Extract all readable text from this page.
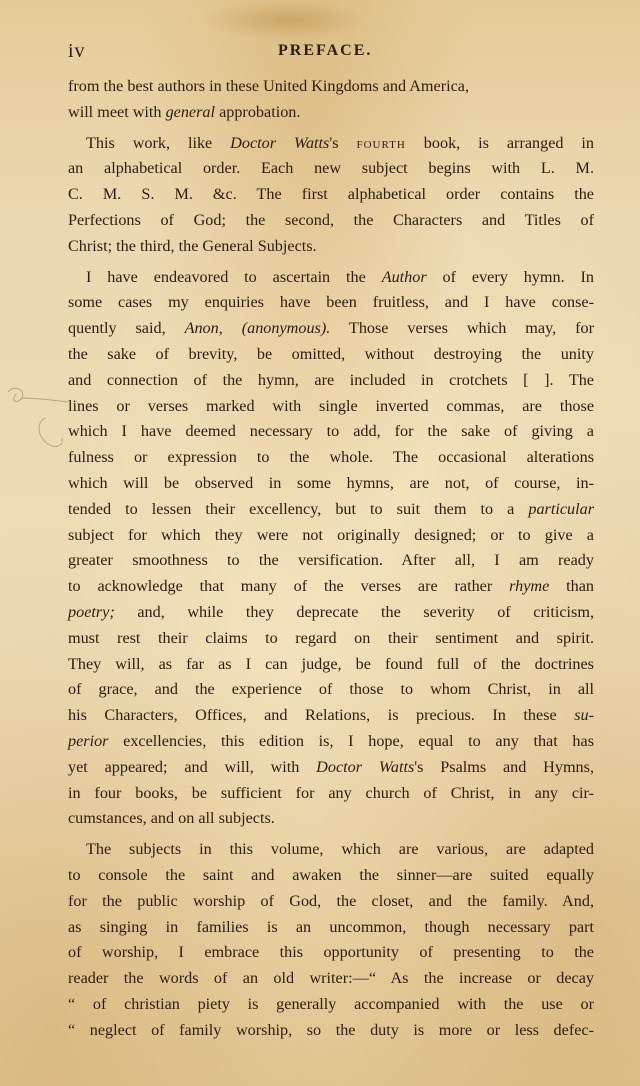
iv	PREFACE.
from the best authors in these United Kingdoms and America,
will meet with general approbation.
This work, like Doctor Watts's fourth book, is arranged in
an alphabetical order. Each new subject begins with L. M.
C. M. S. M. &c. The first alphabetical order contains the
Perfections of God; the second, the Characters and Titles of
Christ; the third, the General Subjects.
I have endeavored to ascertain the Author of every hymn. In
some cases my enquiries have been fruitless, and I have conse-
quently said, Anon, (anonymous). Those verses which may, for
the sake of brevity, be omitted, without destroying the unity
and connection of the hymn, are included in crotchets [ ]. The
lines or verses marked with single inverted commas, are those
which I have deemed necessary to add, for the sake of giving a
fulness or expression to the whole. The occasional alterations
which will be observed in some hymns, are not, of course, in-
tended to lessen their excellency, but to suit them to a particular
subject for which they were not originally designed; or to give a
greater smoothness to the versification. After all, I am ready
to acknowledge that many of the verses are rather rhyme than
poetry; and, while they deprecate the severity of criticism,
must rest their claims to regard on their sentiment and spirit.
They will, as far as I can judge, be found full of the doctrines
of grace, and the experience of those to whom Christ, in all
his Characters, Offices, and Relations, is precious. In these su-
perior excellencies, this edition is, I hope, equal to any that has
yet appeared; and will, with Doctor Watts's Psalms and Hymns,
in four books, be sufficient for any church of Christ, in any cir-
cumstances, and on all subjects.
The subjects in this volume, which are various, are adapted
to console the saint and awaken the sinner—are suited equally
for the public worship of God, the closet, and the family. And,
as singing in families is an uncommon, though necessary part
of worship, I embrace this opportunity of presenting to the
reader the words of an old writer:—“ As the increase or decay
“ of christian piety is generally accompanied with the use or
“ neglect of family worship, so the duty is more or less defec-
